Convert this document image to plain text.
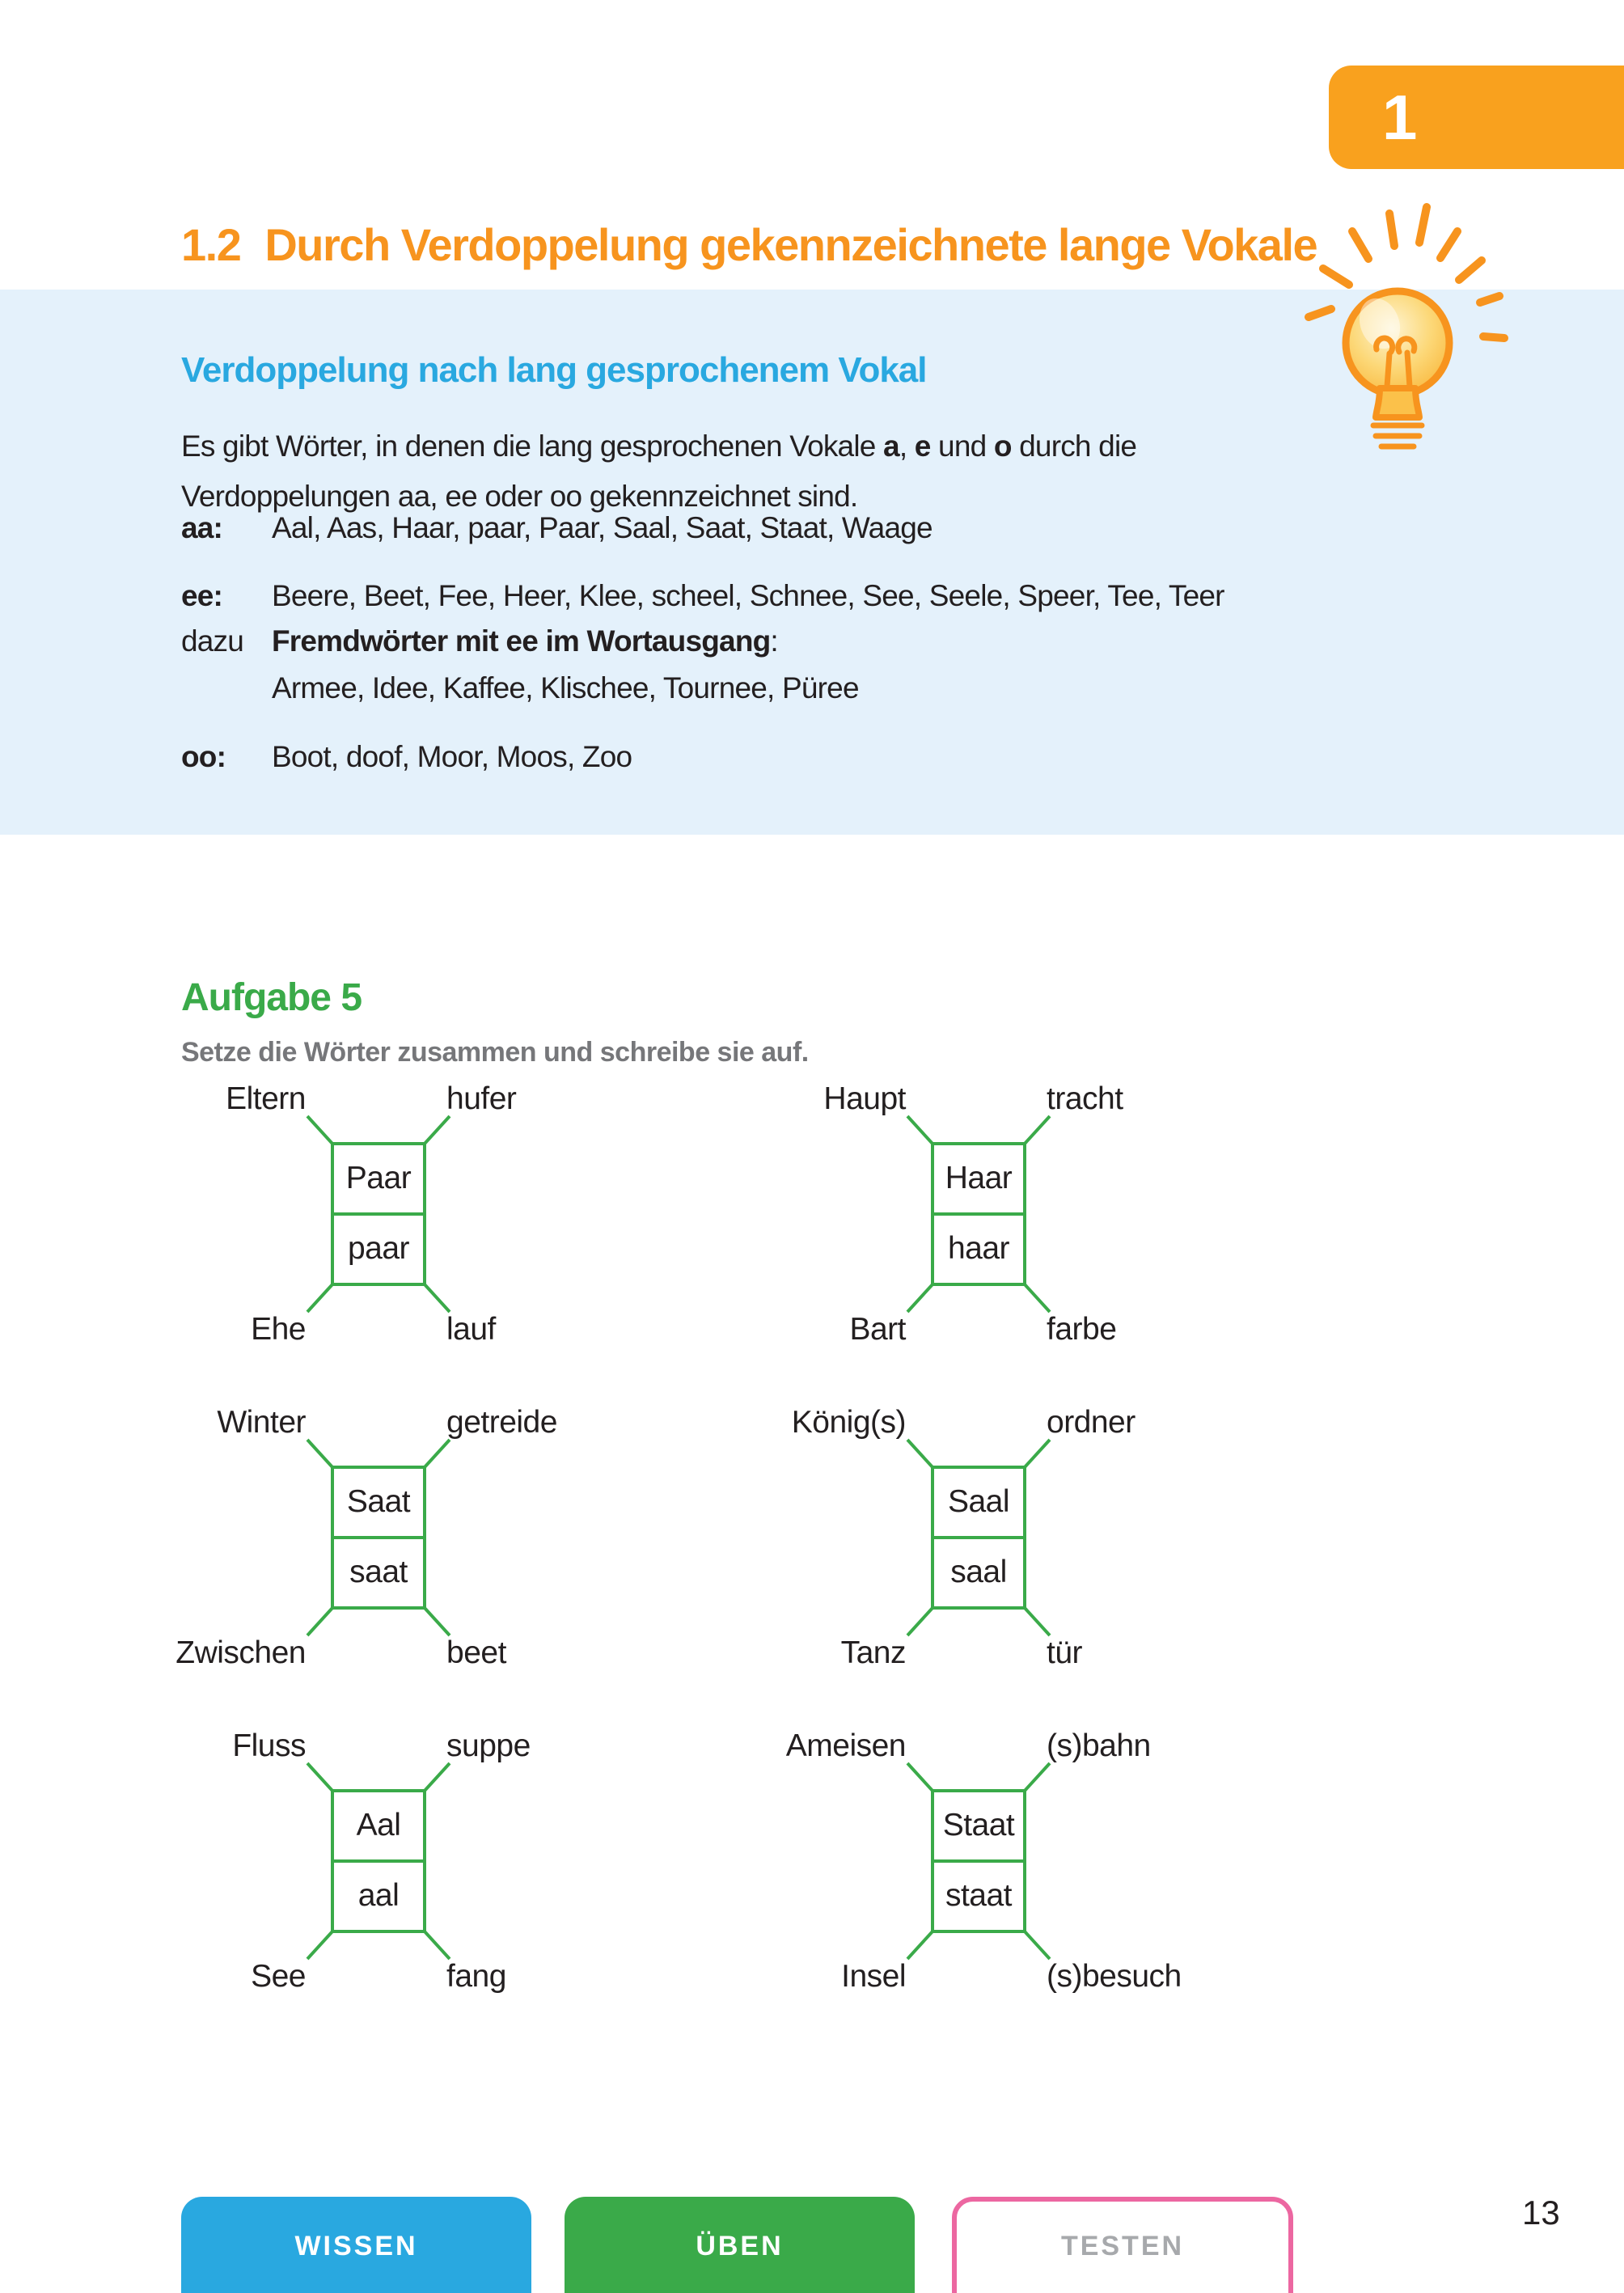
1
1.2 Durch Verdoppelung gekennzeichnete lange Vokale
Verdoppelung nach lang gesprochenem Vokal

Es gibt Wörter, in denen die lang gesprochenen Vokale a, e und o durch die
Verdoppelungen aa, ee oder oo gekennzeichnet sind.

aa: Aal, Aas, Haar, paar, Paar, Saal, Saat, Staat, Waage
ee: Beere, Beet, Fee, Heer, Klee, scheel, Schnee, See, Seele, Speer, Tee, Teer
dazu Fremdwörter mit ee im Wortausgang:
Armee, Idee, Kaffee, Klischee, Tournee, Püree
oo: Boot, doof, Moor, Moos, Zoo
Aufgabe 5

Setze die Wörter zusammen und schreibe sie auf.

Eltern	hufer
Paar
paar
Ehe	lauf
Haupt	tracht
Haar
haar
Bart	farbe
Winter	getreide
Saat
saat
Zwischen	beet
König(s)	ordner
Saal
saal
Tanz	tür
Fluss	suppe
Aal
aal
See	fang
Ameisen	(s)bahn
Staat
staat
Insel	(s)besuch
WISSEN	ÜBEN	TESTEN
13
